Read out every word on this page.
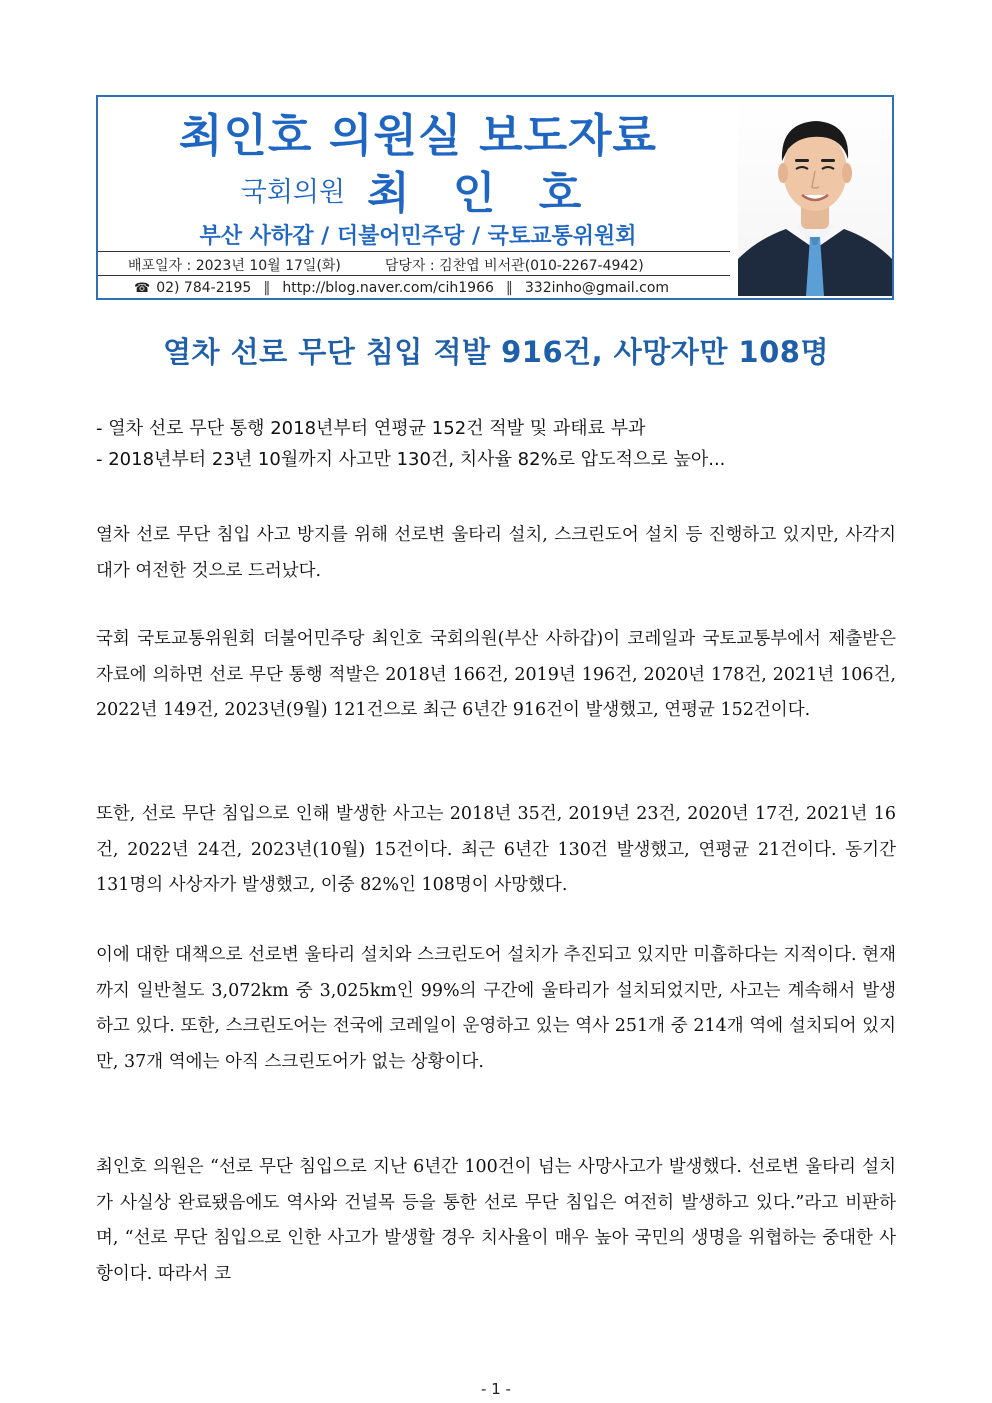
최인호 의원실 보도자료
국회의원 최 인 호
부산 사하갑 / 더불어민주당 / 국토교통위원회
배포일자 : 2023년 10월 17일(화)	담당자 : 김찬엽 비서관(010-2267-4942)
☎ 02) 784-2195 ‖ http://blog.naver.com/cih1966 ‖ 332inho@gmail.com
열차 선로 무단 침입 적발 916건, 사망자만 108명
- 열차 선로 무단 통행 2018년부터 연평균 152건 적발 및 과태료 부과
- 2018년부터 23년 10월까지 사고만 130건, 치사율 82%로 압도적으로 높아...
열차 선로 무단 침입 사고 방지를 위해 선로변 울타리 설치, 스크린도어 설치 등 진행하고 있지만, 사각지대가 여전한 것으로 드러났다.
국회 국토교통위원회 더불어민주당 최인호 국회의원(부산 사하갑)이 코레일과 국토교통부에서 제출받은 자료에 의하면 선로 무단 통행 적발은 2018년 166건, 2019년 196건, 2020년 178건, 2021년 106건, 2022년 149건, 2023년(9월) 121건으로 최근 6년간 916건이 발생했고, 연평균 152건이다.
또한, 선로 무단 침입으로 인해 발생한 사고는 2018년 35건, 2019년 23건, 2020년 17건, 2021년 16건, 2022년 24건, 2023년(10월) 15건이다. 최근 6년간 130건 발생했고, 연평균 21건이다. 동기간 131명의 사상자가 발생했고, 이중 82%인 108명이 사망했다.
이에 대한 대책으로 선로변 울타리 설치와 스크린도어 설치가 추진되고 있지만 미흡하다는 지적이다. 현재까지 일반철도 3,072km 중 3,025km인 99%의 구간에 울타리가 설치되었지만, 사고는 계속해서 발생하고 있다. 또한, 스크린도어는 전국에 코레일이 운영하고 있는 역사 251개 중 214개 역에 설치되어 있지만, 37개 역에는 아직 스크린도어가 없는 상황이다.
최인호 의원은 “선로 무단 침입으로 지난 6년간 100건이 넘는 사망사고가 발생했다. 선로변 울타리 설치가 사실상 완료됐음에도 역사와 건널목 등을 통한 선로 무단 침입은 여전히 발생하고 있다.”라고 비판하며, “선로 무단 침입으로 인한 사고가 발생할 경우 치사율이 매우 높아 국민의 생명을 위협하는 중대한 사항이다. 따라서 코
- 1 -
